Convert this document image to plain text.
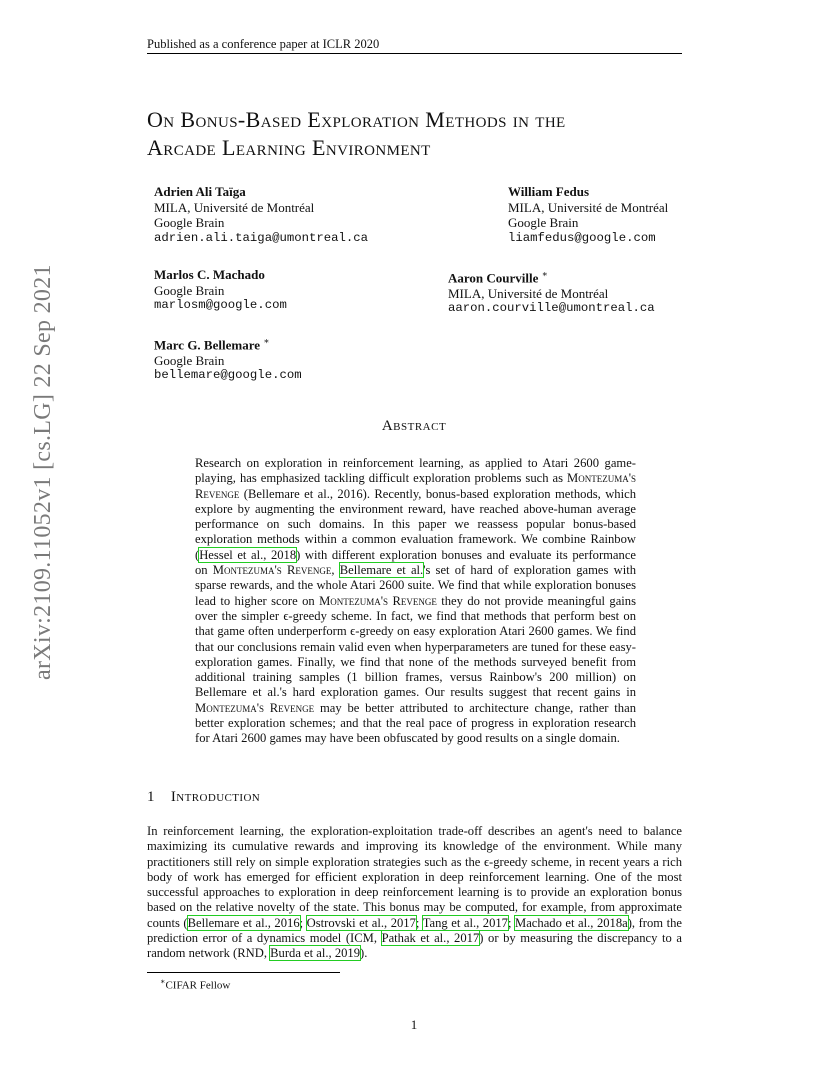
Published as a conference paper at ICLR 2020
On Bonus-Based Exploration Methods in the
Arcade Learning Environment
Adrien Ali Taïga
MILA, Université de Montréal
Google Brain
adrien.ali.taiga@umontreal.ca
William Fedus
MILA, Université de Montréal
Google Brain
liamfedus@google.com
Marlos C. Machado
Google Brain
marlosm@google.com
Aaron Courville ∗
MILA, Université de Montréal
aaron.courville@umontreal.ca
Marc G. Bellemare ∗
Google Brain
bellemare@google.com
arXiv:2109.11052v1 [cs.LG] 22 Sep 2021	Abstract
Research on exploration in reinforcement learning, as applied to Atari 2600 game-playing, has emphasized tackling difficult exploration problems such as Montezuma's Revenge (Bellemare et al., 2016). Recently, bonus-based exploration methods, which explore by augmenting the environment reward, have reached above-human average performance on such domains. In this paper we reassess popular bonus-based exploration methods within a common evaluation framework. We combine Rainbow (Hessel et al., 2018) with different exploration bonuses and evaluate its performance on Montezuma's Revenge, Bellemare et al.'s set of hard of exploration games with sparse rewards, and the whole Atari 2600 suite. We find that while exploration bonuses lead to higher score on Montezuma's Revenge they do not provide meaningful gains over the simpler ϵ-greedy scheme. In fact, we find that methods that perform best on that game often underperform ϵ-greedy on easy exploration Atari 2600 games. We find that our conclusions remain valid even when hyperparameters are tuned for these easy-exploration games. Finally, we find that none of the methods surveyed benefit from additional training samples (1 billion frames, versus Rainbow's 200 million) on Bellemare et al.'s hard exploration games. Our results suggest that recent gains in Montezuma's Revenge may be better attributed to architecture change, rather than better exploration schemes; and that the real pace of progress in exploration research for Atari 2600 games may have been obfuscated by good results on a single domain.
1 Introduction
In reinforcement learning, the exploration-exploitation trade-off describes an agent's need to balance maximizing its cumulative rewards and improving its knowledge of the environment. While many practitioners still rely on simple exploration strategies such as the ϵ-greedy scheme, in recent years a rich body of work has emerged for efficient exploration in deep reinforcement learning. One of the most successful approaches to exploration in deep reinforcement learning is to provide an exploration bonus based on the relative novelty of the state. This bonus may be computed, for example, from approximate counts (Bellemare et al., 2016; Ostrovski et al., 2017; Tang et al., 2017; Machado et al., 2018a), from the prediction error of a dynamics model (ICM, Pathak et al., 2017) or by measuring the discrepancy to a random network (RND, Burda et al., 2019).
∗CIFAR Fellow
1
